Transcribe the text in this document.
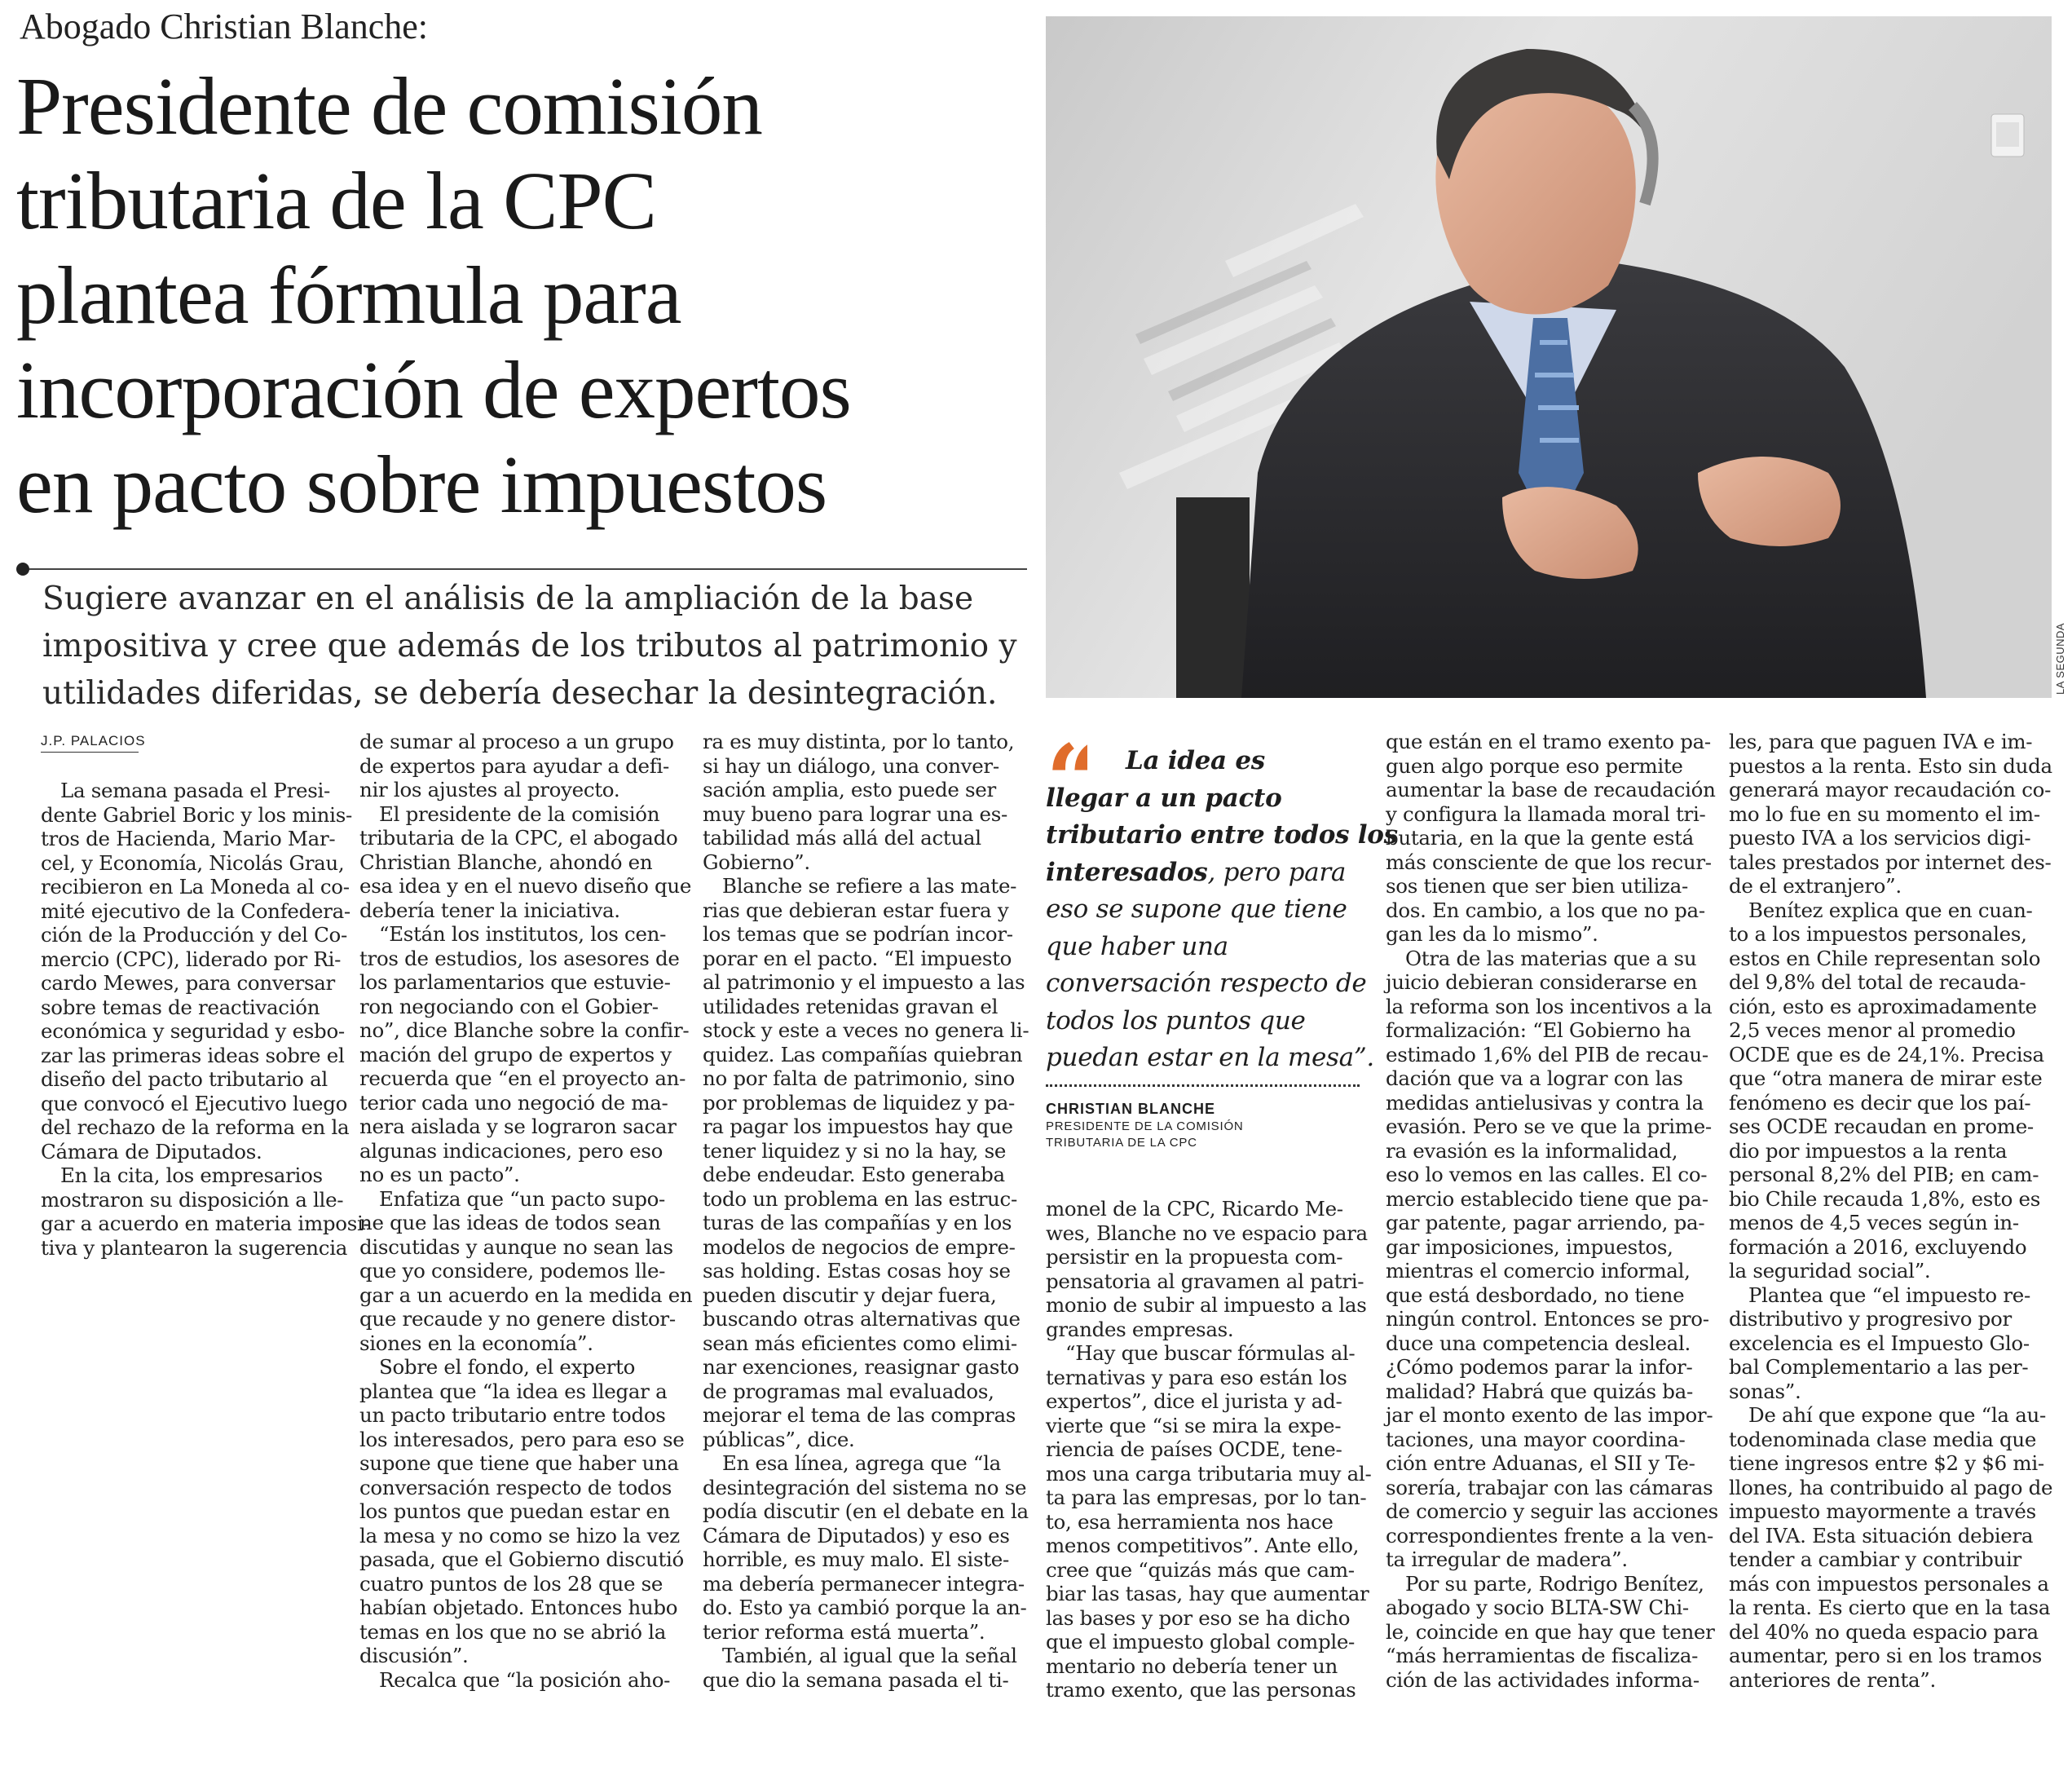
Abogado Christian Blanche:
Presidente de comisión
tributaria de la CPC
plantea fórmula para
incorporación de expertos
en pacto sobre impuestos

Sugiere avanzar en el análisis de la ampliación de la base
impositiva y cree que además de los tributos al patrimonio y
utilidades diferidas, se debería desechar la desintegración.	LA SEGUNDA
J.P. PALACIOS
La semana pasada el Presi-
dente Gabriel Boric y los minis-
tros de Hacienda, Mario Mar-
cel, y Economía, Nicolás Grau,
recibieron en La Moneda al co-
mité ejecutivo de la Confedera-
ción de la Producción y del Co-
mercio (CPC), liderado por Ri-
cardo Mewes, para conversar
sobre temas de reactivación
económica y seguridad y esbo-
zar las primeras ideas sobre el
diseño del pacto tributario al
que convocó el Ejecutivo luego
del rechazo de la reforma en la
Cámara de Diputados.
En la cita, los empresarios
mostraron su disposición a lle-
gar a acuerdo en materia imposi-
tiva y plantearon la sugerencia
de sumar al proceso a un grupo
de expertos para ayudar a defi-
nir los ajustes al proyecto.
El presidente de la comisión
tributaria de la CPC, el abogado
Christian Blanche, ahondó en
esa idea y en el nuevo diseño que
debería tener la iniciativa.
“Están los institutos, los cen-
tros de estudios, los asesores de
los parlamentarios que estuvie-
ron negociando con el Gobier-
no”, dice Blanche sobre la confir-
mación del grupo de expertos y
recuerda que “en el proyecto an-
terior cada uno negoció de ma-
nera aislada y se lograron sacar
algunas indicaciones, pero eso
no es un pacto”.
Enfatiza que “un pacto supo-
ne que las ideas de todos sean
discutidas y aunque no sean las
que yo considere, podemos lle-
gar a un acuerdo en la medida en
que recaude y no genere distor-
siones en la economía”.
Sobre el fondo, el experto
plantea que “la idea es llegar a
un pacto tributario entre todos
los interesados, pero para eso se
supone que tiene que haber una
conversación respecto de todos
los puntos que puedan estar en
la mesa y no como se hizo la vez
pasada, que el Gobierno discutió
cuatro puntos de los 28 que se
habían objetado. Entonces hubo
temas en los que no se abrió la
discusión”.
Recalca que “la posición aho-
ra es muy distinta, por lo tanto,
si hay un diálogo, una conver-
sación amplia, esto puede ser
muy bueno para lograr una es-
tabilidad más allá del actual
Gobierno”.
Blanche se refiere a las mate-
rias que debieran estar fuera y
los temas que se podrían incor-
porar en el pacto. “El impuesto
al patrimonio y el impuesto a las
utilidades retenidas gravan el
stock y este a veces no genera li-
quidez. Las compañías quiebran
no por falta de patrimonio, sino
por problemas de liquidez y pa-
ra pagar los impuestos hay que
tener liquidez y si no la hay, se
debe endeudar. Esto generaba
todo un problema en las estruc-
turas de las compañías y en los
modelos de negocios de empre-
sas holding. Estas cosas hoy se
pueden discutir y dejar fuera,
buscando otras alternativas que
sean más eficientes como elimi-
nar exenciones, reasignar gasto
de programas mal evaluados,
mejorar el tema de las compras
públicas”, dice.
En esa línea, agrega que “la
desintegración del sistema no se
podía discutir (en el debate en la
Cámara de Diputados) y eso es
horrible, es muy malo. El siste-
ma debería permanecer integra-
do. Esto ya cambió porque la an-
terior reforma está muerta”.
También, al igual que la señal
que dio la semana pasada el ti-
“	La idea es
llegar a un pacto
tributario entre todos los
interesados, pero para
eso se supone que tiene
que haber una
conversación respecto de
todos los puntos que
puedan estar en la mesa”.
CHRISTIAN BLANCHE
PRESIDENTE DE LA COMISIÓN
TRIBUTARIA DE LA CPC
monel de la CPC, Ricardo Me-
wes, Blanche no ve espacio para
persistir en la propuesta com-
pensatoria al gravamen al patri-
monio de subir al impuesto a las
grandes empresas.
“Hay que buscar fórmulas al-
ternativas y para eso están los
expertos”, dice el jurista y ad-
vierte que “si se mira la expe-
riencia de países OCDE, tene-
mos una carga tributaria muy al-
ta para las empresas, por lo tan-
to, esa herramienta nos hace
menos competitivos”. Ante ello,
cree que “quizás más que cam-
biar las tasas, hay que aumentar
las bases y por eso se ha dicho
que el impuesto global comple-
mentario no debería tener un
tramo exento, que las personas
que están en el tramo exento pa-
guen algo porque eso permite
aumentar la base de recaudación
y configura la llamada moral tri-
butaria, en la que la gente está
más consciente de que los recur-
sos tienen que ser bien utiliza-
dos. En cambio, a los que no pa-
gan les da lo mismo”.
Otra de las materias que a su
juicio debieran considerarse en
la reforma son los incentivos a la
formalización: “El Gobierno ha
estimado 1,6% del PIB de recau-
dación que va a lograr con las
medidas antielusivas y contra la
evasión. Pero se ve que la prime-
ra evasión es la informalidad,
eso lo vemos en las calles. El co-
mercio establecido tiene que pa-
gar patente, pagar arriendo, pa-
gar imposiciones, impuestos,
mientras el comercio informal,
que está desbordado, no tiene
ningún control. Entonces se pro-
duce una competencia desleal.
¿Cómo podemos parar la infor-
malidad? Habrá que quizás ba-
jar el monto exento de las impor-
taciones, una mayor coordina-
ción entre Aduanas, el SII y Te-
sorería, trabajar con las cámaras
de comercio y seguir las acciones
correspondientes frente a la ven-
ta irregular de madera”.
Por su parte, Rodrigo Benítez,
abogado y socio BLTA-SW Chi-
le, coincide en que hay que tener
“más herramientas de fiscaliza-
ción de las actividades informa-
les, para que paguen IVA e im-
puestos a la renta. Esto sin duda
generará mayor recaudación co-
mo lo fue en su momento el im-
puesto IVA a los servicios digi-
tales prestados por internet des-
de el extranjero”.
Benítez explica que en cuan-
to a los impuestos personales,
estos en Chile representan solo
del 9,8% del total de recauda-
ción, esto es aproximadamente
2,5 veces menor al promedio
OCDE que es de 24,1%. Precisa
que “otra manera de mirar este
fenómeno es decir que los paí-
ses OCDE recaudan en prome-
dio por impuestos a la renta
personal 8,2% del PIB; en cam-
bio Chile recauda 1,8%, esto es
menos de 4,5 veces según in-
formación a 2016, excluyendo
la seguridad social”.
Plantea que “el impuesto re-
distributivo y progresivo por
excelencia es el Impuesto Glo-
bal Complementario a las per-
sonas”.
De ahí que expone que “la au-
todenominada clase media que
tiene ingresos entre $2 y $6 mi-
llones, ha contribuido al pago de
impuesto mayormente a través
del IVA. Esta situación debiera
tender a cambiar y contribuir
más con impuestos personales a
la renta. Es cierto que en la tasa
del 40% no queda espacio para
aumentar, pero si en los tramos
anteriores de renta”.
